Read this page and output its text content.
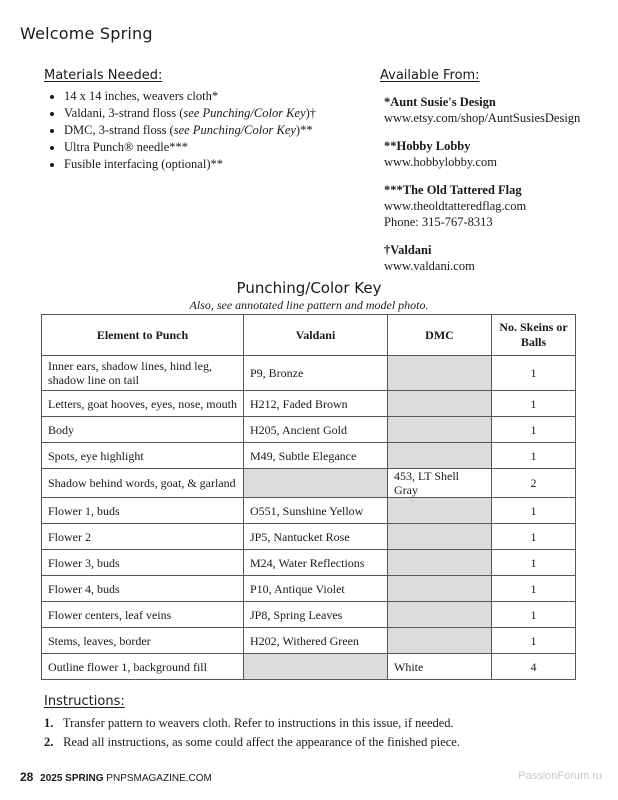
Welcome Spring
Materials Needed:
• 14 x 14 inches, weavers cloth*
• Valdani, 3-strand floss (see Punching/Color Key)†
• DMC, 3-strand floss (see Punching/Color Key)**
• Ultra Punch® needle***
• Fusible interfacing (optional)**
Available From:
*Aunt Susie's Design
www.etsy.com/shop/AuntSusiesDesign
**Hobby Lobby
www.hobbylobby.com
***The Old Tattered Flag
www.theoldtatteredflag.com
Phone: 315-767-8313
†Valdani
www.valdani.com
Punching/Color Key
Also, see annotated line pattern and model photo.
Element to Punch	Valdani	DMC	No. Skeins or Balls
Inner ears, shadow lines, hind leg, shadow line on tail	P9, Bronze		1
Letters, goat hooves, eyes, nose, mouth	H212, Faded Brown		1
Body	H205, Ancient Gold		1
Spots, eye highlight	M49, Subtle Elegance		1
Shadow behind words, goat, & garland		453, LT Shell Gray	2
Flower 1, buds	O551, Sunshine Yellow		1
Flower 2	JP5, Nantucket Rose		1
Flower 3, buds	M24, Water Reflections		1
Flower 4, buds	P10, Antique Violet		1
Flower centers, leaf veins	JP8, Spring Leaves		1
Stems, leaves, border	H202, Withered Green		1
Outline flower 1, background fill		White	4
Instructions:
1. Transfer pattern to weavers cloth. Refer to instructions in this issue, if needed.
2. Read all instructions, as some could affect the appearance of the finished piece.
28 2025 SPRING PNPSMAGAZINE.COM	PassionForum.ru
